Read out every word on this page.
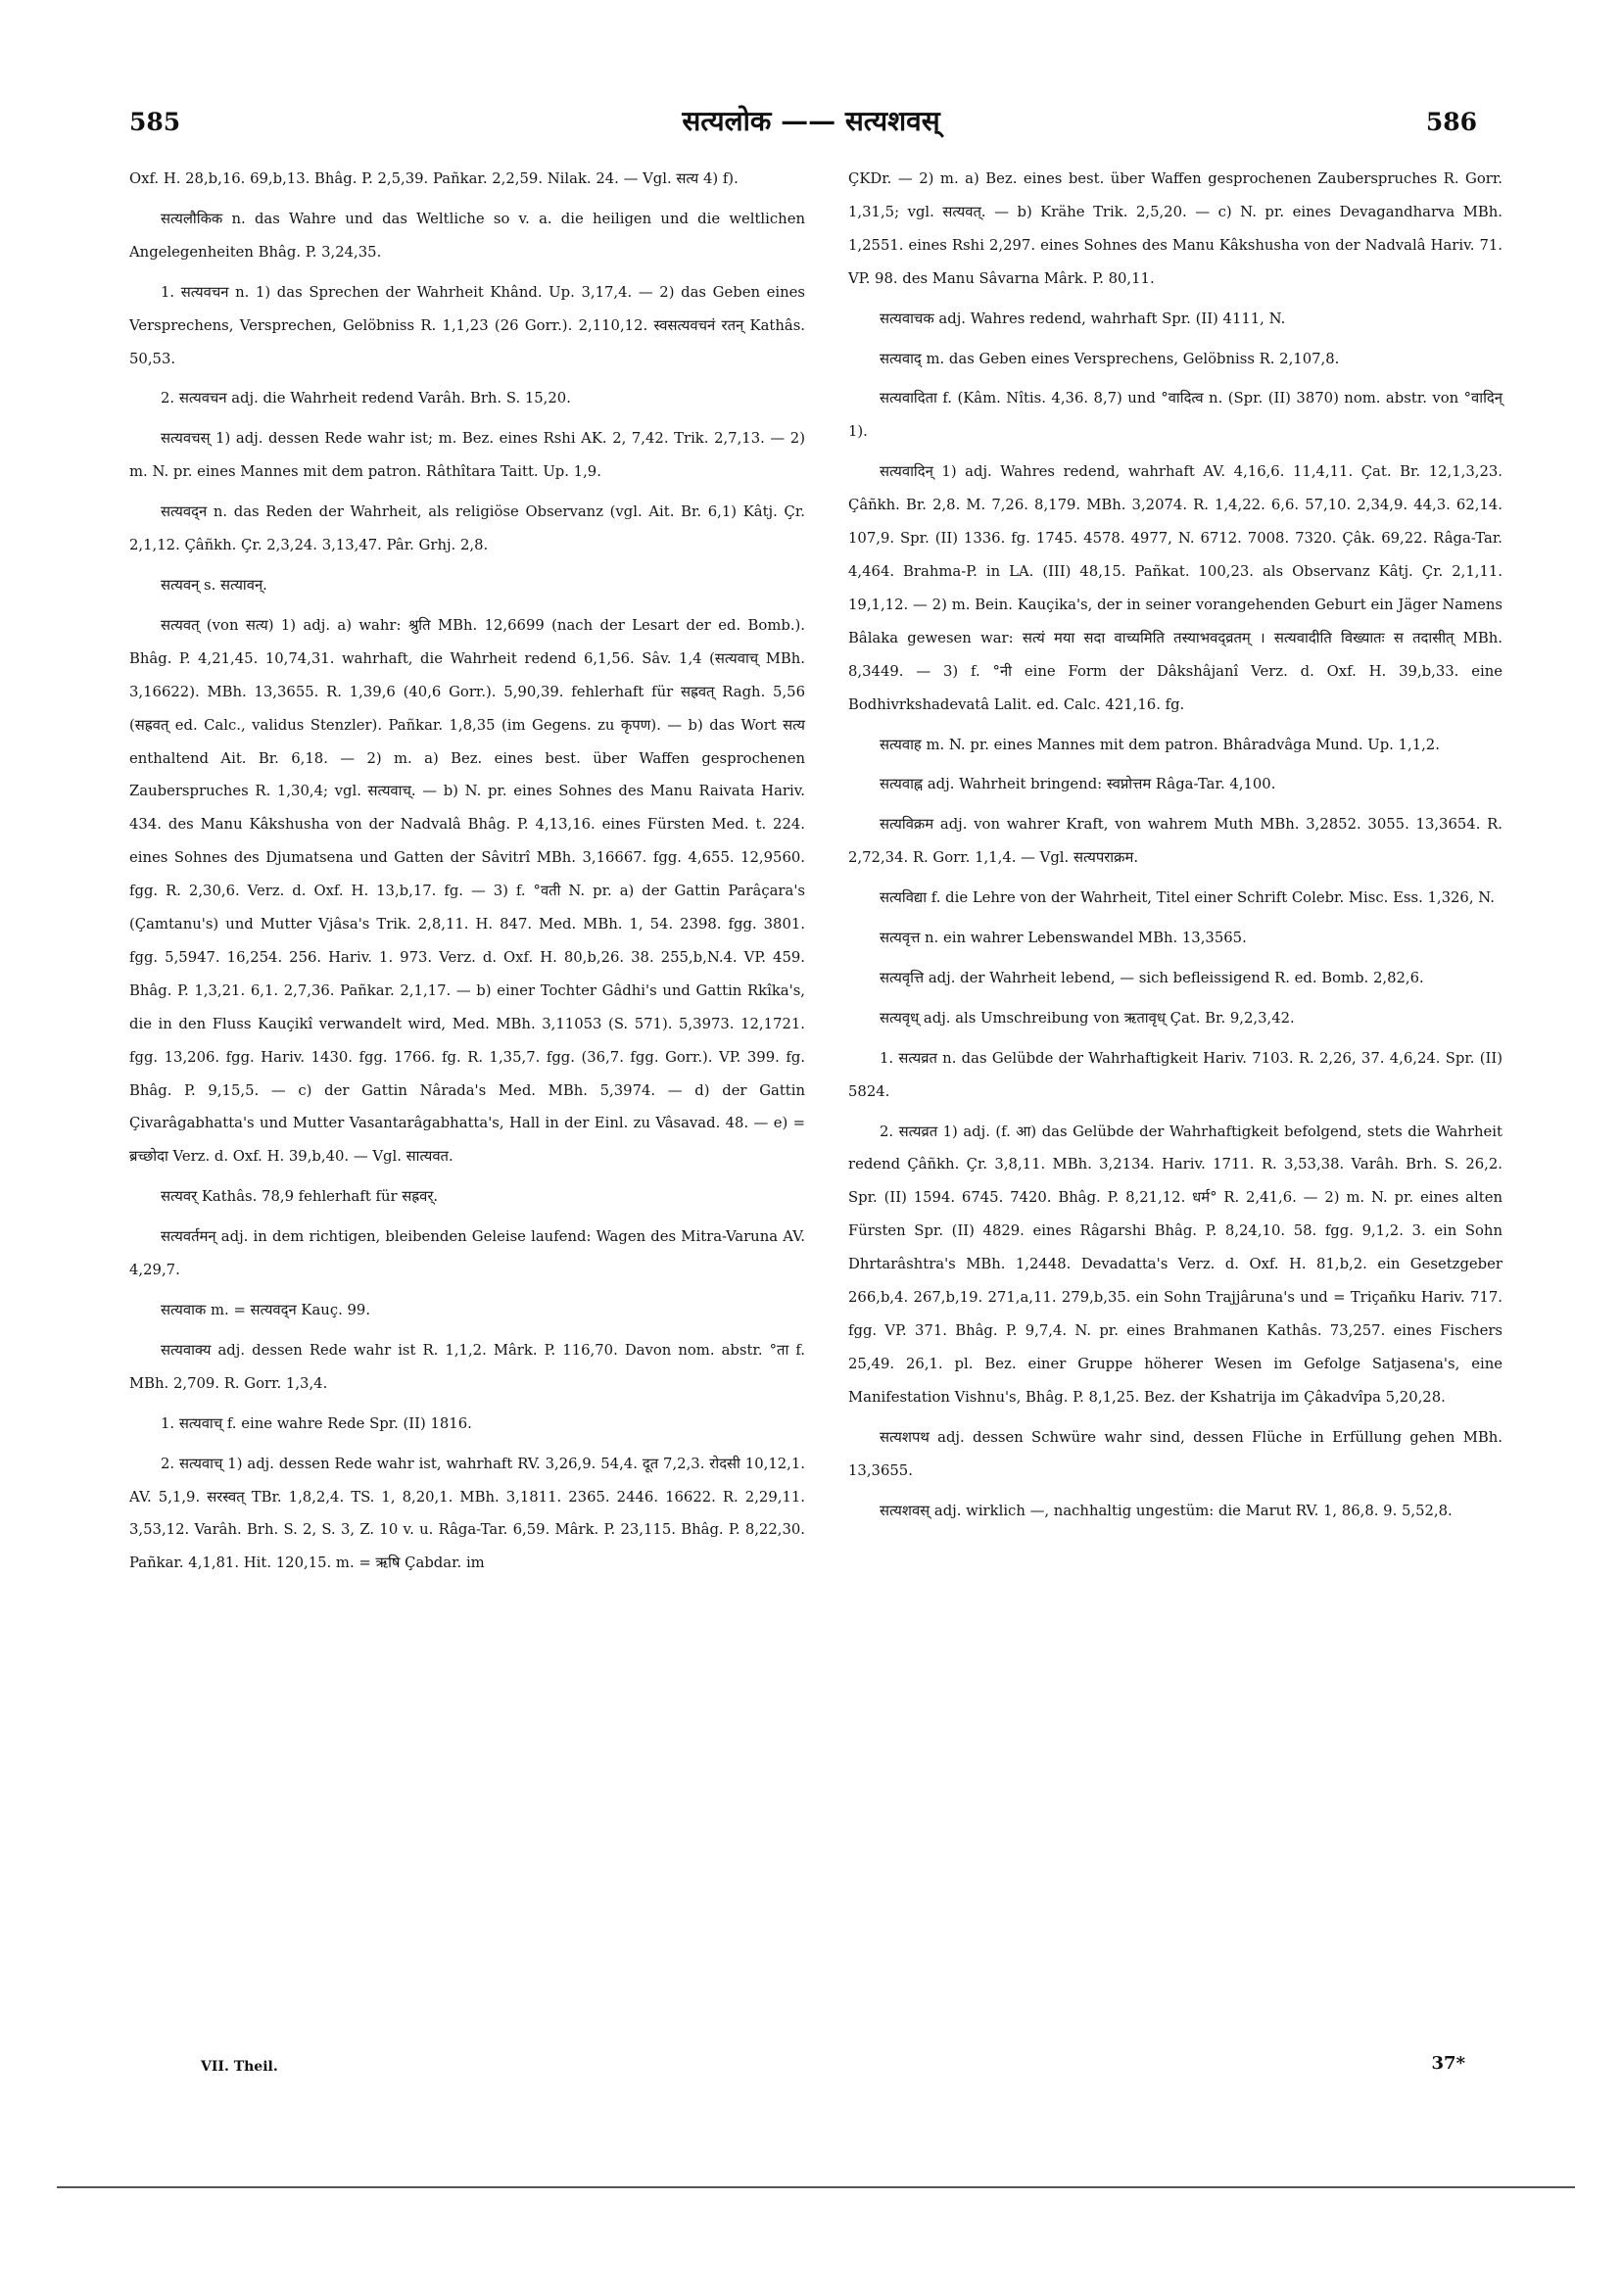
585	सत्यलोक —— सत्यशवस्	586

Oxf. H. 28,b,16. 69,b,13. Bhâg. P. 2,5,39. Pañkar. 2,2,59. Nilak. 24. — Vgl. सत्य 4) f).

सत्यलौकिक n. das Wahre und das Weltliche so v. a. die heiligen und die weltlichen Angelegenheiten Bhâg. P. 3,24,35.

1. सत्यवचन n. 1) das Sprechen der Wahrheit Khând. Up. 3,17,4. — 2) das Geben eines Versprechens, Versprechen, Gelöbniss R. 1,1,23 (26 Gorr.). 2,110,12. स्वसत्यवचनं रतन् Kathâs. 50,53.

2. सत्यवचन adj. die Wahrheit redend Varâh. Brh. S. 15,20.

सत्यवचस् 1) adj. dessen Rede wahr ist; m. Bez. eines Rshi AK. 2, 7,42. Trik. 2,7,13. — 2) m. N. pr. eines Mannes mit dem patron. Râthîtara Taitt. Up. 1,9.

सत्यवद्न n. das Reden der Wahrheit, als religiöse Observanz (vgl. Ait. Br. 6,1) Kâtj. Çr. 2,1,12. Çâñkh. Çr. 2,3,24. 3,13,47. Pâr. Grhj. 2,8.

सत्यवन् s. सत्यावन्.

सत्यवत् (von सत्य) 1) adj. a) wahr: श्रुति MBh. 12,6699 (nach der Lesart der ed. Bomb.). Bhâg. P. 4,21,45. 10,74,31. wahrhaft, die Wahrheit redend 6,1,56. Sâv. 1,4 (सत्यवाच् MBh. 3,16622). MBh. 13,3655. R. 1,39,6 (40,6 Gorr.). 5,90,39. fehlerhaft für सह्रवत् Ragh. 5,56 (सह्रवत् ed. Calc., validus Stenzler). Pañkar. 1,8,35 (im Gegens. zu कृपण). — b) das Wort सत्य enthaltend Ait. Br. 6,18. — 2) m. a) Bez. eines best. über Waffen gesprochenen Zauberspruches R. 1,30,4; vgl. सत्यवाच्. — b) N. pr. eines Sohnes des Manu Raivata Hariv. 434. des Manu Kâkshusha von der Nadvalâ Bhâg. P. 4,13,16. eines Fürsten Med. t. 224. eines Sohnes des Djumatsena und Gatten der Sâvitrî MBh. 3,16667. fgg. 4,655. 12,9560. fgg. R. 2,30,6. Verz. d. Oxf. H. 13,b,17. fg. — 3) f. °वती N. pr. a) der Gattin Parâçara's (Çamtanu's) und Mutter Vjâsa's Trik. 2,8,11. H. 847. Med. MBh. 1, 54. 2398. fgg. 3801. fgg. 5,5947. 16,254. 256. Hariv. 1. 973. Verz. d. Oxf. H. 80,b,26. 38. 255,b,N.4. VP. 459. Bhâg. P. 1,3,21. 6,1. 2,7,36. Pañkar. 2,1,17. — b) einer Tochter Gâdhi's und Gattin Rkîka's, die in den Fluss Kauçikî verwandelt wird, Med. MBh. 3,11053 (S. 571). 5,3973. 12,1721. fgg. 13,206. fgg. Hariv. 1430. fgg. 1766. fg. R. 1,35,7. fgg. (36,7. fgg. Gorr.). VP. 399. fg. Bhâg. P. 9,15,5. — c) der Gattin Nârada's Med. MBh. 5,3974. — d) der Gattin Çivarâgabhatta's und Mutter Vasantarâgabhatta's, Hall in der Einl. zu Vâsavad. 48. — e) = ब्रच्छोदा Verz. d. Oxf. H. 39,b,40. — Vgl. सात्यवत.

सत्यवर् Kathâs. 78,9 fehlerhaft für सह्रवर्.

सत्यवर्तमन् adj. in dem richtigen, bleibenden Geleise laufend: Wagen des Mitra-Varuna AV. 4,29,7.

सत्यवाक m. = सत्यवद्न Kauç. 99.

सत्यवाक्य adj. dessen Rede wahr ist R. 1,1,2. Mârk. P. 116,70. Davon nom. abstr. °ता f. MBh. 2,709. R. Gorr. 1,3,4.

1. सत्यवाच् f. eine wahre Rede Spr. (II) 1816.

2. सत्यवाच् 1) adj. dessen Rede wahr ist, wahrhaft RV. 3,26,9. 54,4. दूत 7,2,3. रोदसी 10,12,1. AV. 5,1,9. सरस्वत् TBr. 1,8,2,4. TS. 1, 8,20,1. MBh. 3,1811. 2365. 2446. 16622. R. 2,29,11. 3,53,12. Varâh. Brh. S. 2, S. 3, Z. 10 v. u. Râga-Tar. 6,59. Mârk. P. 23,115. Bhâg. P. 8,22,30. Pañkar. 4,1,81. Hit. 120,15. m. = ऋषि Çabdar. im

ÇKDr. — 2) m. a) Bez. eines best. über Waffen gesprochenen Zauberspruches R. Gorr. 1,31,5; vgl. सत्यवत्. — b) Krähe Trik. 2,5,20. — c) N. pr. eines Devagandharva MBh. 1,2551. eines Rshi 2,297. eines Sohnes des Manu Kâkshusha von der Nadvalâ Hariv. 71. VP. 98. des Manu Sâvarna Mârk. P. 80,11.

सत्यवाचक adj. Wahres redend, wahrhaft Spr. (II) 4111, N.

सत्यवाद् m. das Geben eines Versprechens, Gelöbniss R. 2,107,8.

सत्यवादिता f. (Kâm. Nîtis. 4,36. 8,7) und °वादित्व n. (Spr. (II) 3870) nom. abstr. von °वादिन् 1).

सत्यवादिन् 1) adj. Wahres redend, wahrhaft AV. 4,16,6. 11,4,11. Çat. Br. 12,1,3,23. Çâñkh. Br. 2,8. M. 7,26. 8,179. MBh. 3,2074. R. 1,4,22. 6,6. 57,10. 2,34,9. 44,3. 62,14. 107,9. Spr. (II) 1336. fg. 1745. 4578. 4977, N. 6712. 7008. 7320. Çâk. 69,22. Râga-Tar. 4,464. Brahma-P. in LA. (III) 48,15. Pañkat. 100,23. als Observanz Kâtj. Çr. 2,1,11. 19,1,12. — 2) m. Bein. Kauçika's, der in seiner vorangehenden Geburt ein Jäger Namens Bâlaka gewesen war: सत्यं मया सदा वाच्यमिति तस्याभवद्व्रतम् । सत्यवादीति विख्यातः स तदासीत् MBh. 8,3449. — 3) f. °नी eine Form der Dâkshâjanî Verz. d. Oxf. H. 39,b,33. eine Bodhivrkshadevatâ Lalit. ed. Calc. 421,16. fg.

सत्यवाह m. N. pr. eines Mannes mit dem patron. Bhâradvâga Mund. Up. 1,1,2.

सत्यवाह्न adj. Wahrheit bringend: स्वप्नोत्तम Râga-Tar. 4,100.

सत्यविक्रम adj. von wahrer Kraft, von wahrem Muth MBh. 3,2852. 3055. 13,3654. R. 2,72,34. R. Gorr. 1,1,4. — Vgl. सत्यपराक्रम.

सत्यविद्या f. die Lehre von der Wahrheit, Titel einer Schrift Colebr. Misc. Ess. 1,326, N.

सत्यवृत्त n. ein wahrer Lebenswandel MBh. 13,3565.

सत्यवृत्ति adj. der Wahrheit lebend, — sich befleissigend R. ed. Bomb. 2,82,6.

सत्यवृध् adj. als Umschreibung von ऋतावृध् Çat. Br. 9,2,3,42.

1. सत्यव्रत n. das Gelübde der Wahrhaftigkeit Hariv. 7103. R. 2,26, 37. 4,6,24. Spr. (II) 5824.

2. सत्यव्रत 1) adj. (f. आ) das Gelübde der Wahrhaftigkeit befolgend, stets die Wahrheit redend Çâñkh. Çr. 3,8,11. MBh. 3,2134. Hariv. 1711. R. 3,53,38. Varâh. Brh. S. 26,2. Spr. (II) 1594. 6745. 7420. Bhâg. P. 8,21,12. धर्म° R. 2,41,6. — 2) m. N. pr. eines alten Fürsten Spr. (II) 4829. eines Râgarshi Bhâg. P. 8,24,10. 58. fgg. 9,1,2. 3. ein Sohn Dhrtarâshtra's MBh. 1,2448. Devadatta's Verz. d. Oxf. H. 81,b,2. ein Gesetzgeber 266,b,4. 267,b,19. 271,a,11. 279,b,35. ein Sohn Trajjâruna's und = Triçañku Hariv. 717. fgg. VP. 371. Bhâg. P. 9,7,4. N. pr. eines Brahmanen Kathâs. 73,257. eines Fischers 25,49. 26,1. pl. Bez. einer Gruppe höherer Wesen im Gefolge Satjasena's, eine Manifestation Vishnu's, Bhâg. P. 8,1,25. Bez. der Kshatrija im Çâkadvîpa 5,20,28.

सत्यशपथ adj. dessen Schwüre wahr sind, dessen Flüche in Erfüllung gehen MBh. 13,3655.

सत्यशवस् adj. wirklich —, nachhaltig ungestüm: die Marut RV. 1, 86,8. 9. 5,52,8.

VII. Theil.	37*
